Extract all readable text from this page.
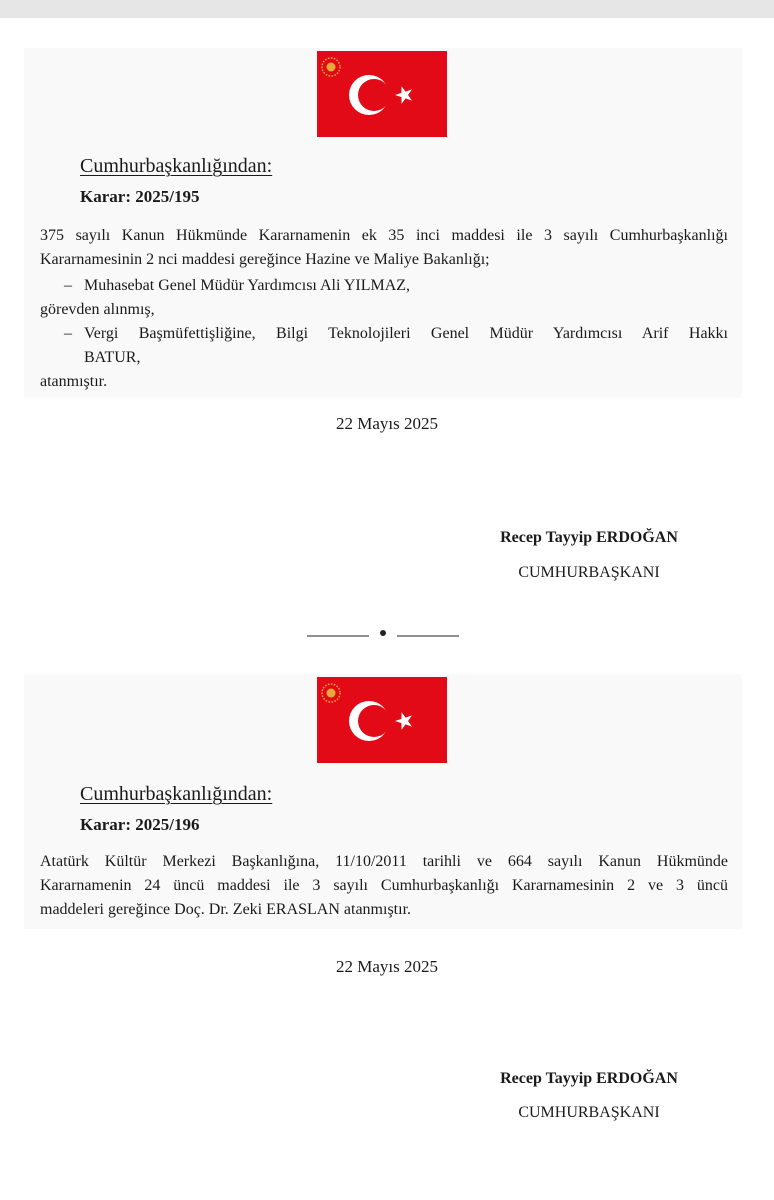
Cumhurbaşkanlığından:

Karar: 2025/195

375 sayılı Kanun Hükmünde Kararnamenin ek 35 inci maddesi ile 3 sayılı Cumhurbaşkanlığı
Kararnamesinin 2 nci maddesi gereğince Hazine ve Maliye Bakanlığı;
– Muhasebat Genel Müdür Yardımcısı Ali YILMAZ,
görevden alınmış,
– Vergi Başmüfettişliğine, Bilgi Teknolojileri Genel Müdür Yardımcısı Arif Hakkı
BATUR,
atanmıştır.
22 Mayıs 2025
Recep Tayyip ERDOĞAN
CUMHURBAŞKANI
Cumhurbaşkanlığından:

Karar: 2025/196

Atatürk Kültür Merkezi Başkanlığına, 11/10/2011 tarihli ve 664 sayılı Kanun Hükmünde
Kararnamenin 24 üncü maddesi ile 3 sayılı Cumhurbaşkanlığı Kararnamesinin 2 ve 3 üncü
maddeleri gereğince Doç. Dr. Zeki ERASLAN atanmıştır.
22 Mayıs 2025
Recep Tayyip ERDOĞAN
CUMHURBAŞKANI
